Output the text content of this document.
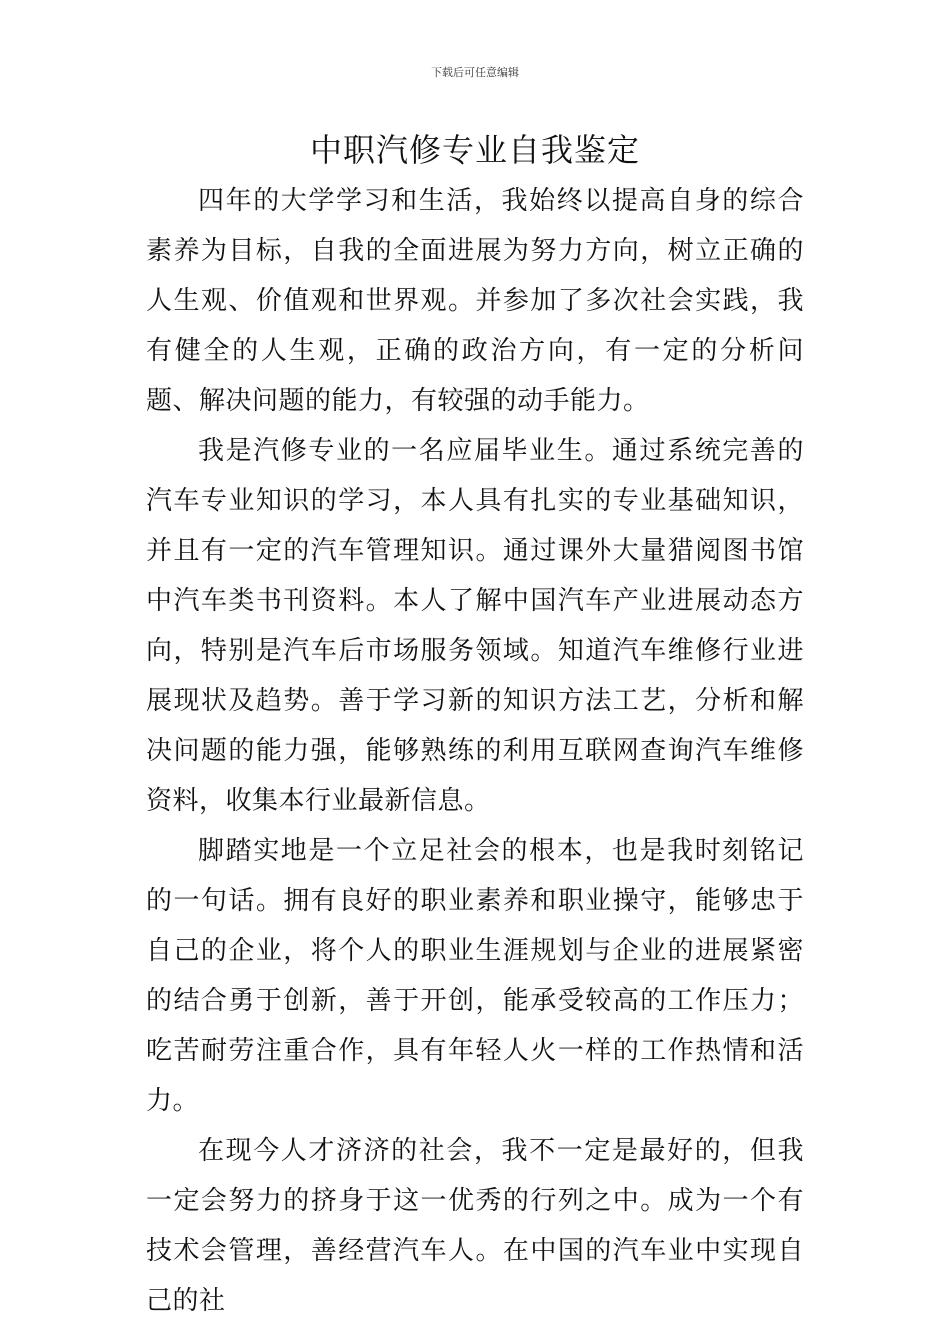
下载后可任意编辑
中职汽修专业自我鉴定

四年的大学学习和生活，我始终以提高自身的综合素养为目标，自我的全面进展为努力方向，树立正确的人生观、价值观和世界观。并参加了多次社会实践，我有健全的人生观，正确的政治方向，有一定的分析问题、解决问题的能力，有较强的动手能力。

我是汽修专业的一名应届毕业生。通过系统完善的汽车专业知识的学习，本人具有扎实的专业基础知识，并且有一定的汽车管理知识。通过课外大量猎阅图书馆中汽车类书刊资料。本人了解中国汽车产业进展动态方向，特别是汽车后市场服务领域。知道汽车维修行业进展现状及趋势。善于学习新的知识方法工艺，分析和解决问题的能力强，能够熟练的利用互联网查询汽车维修资料，收集本行业最新信息。

脚踏实地是一个立足社会的根本，也是我时刻铭记的一句话。拥有良好的职业素养和职业操守，能够忠于自己的企业，将个人的职业生涯规划与企业的进展紧密的结合勇于创新，善于开创，能承受较高的工作压力；吃苦耐劳注重合作，具有年轻人火一样的工作热情和活力。

在现今人才济济的社会，我不一定是最好的，但我一定会努力的挤身于这一优秀的行列之中。成为一个有技术会管理，善经营汽车人。在中国的汽车业中实现自己的社
